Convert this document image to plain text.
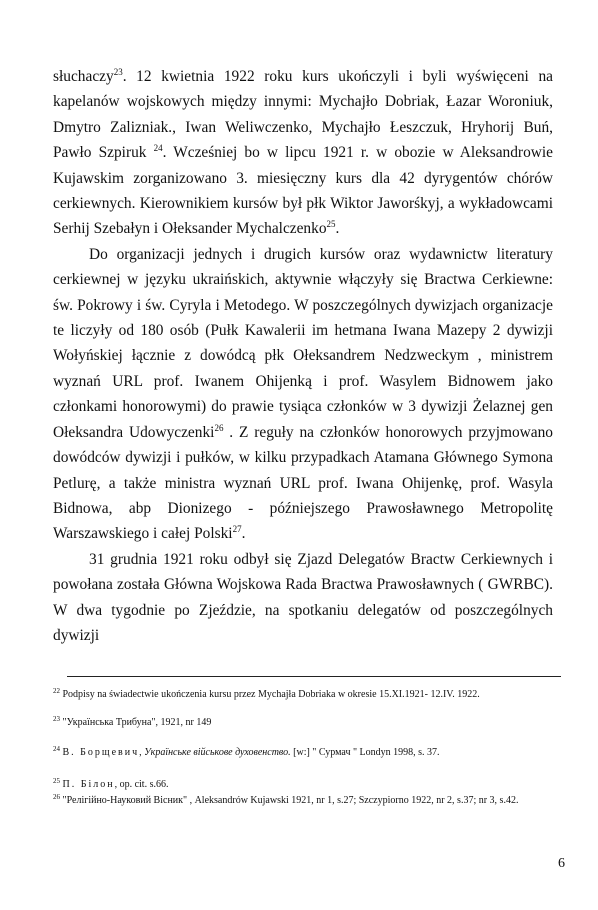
słuchaczy$^{23}$. 12 kwietnia 1922 roku kurs ukończyli i byli wyświęceni na kapelanów wojskowych między innymi: Mychajło Dobriak, Łazar Woroniuk, Dmytro Zalizniak., Iwan Weliwczenko, Mychajło Łeszczuk, Hryhorij Buń, Pawło Szpiruk $^{24}$. Wcześniej bo w lipcu 1921 r. w obozie w Aleksandrowie Kujawskim zorganizowano 3. miesięczny kurs dla 42 dyrygentów chórów cerkiewnych. Kierownikiem kursów był płk Wiktor Jaworśkyj, a wykładowcami Serhij Szebałyn i Ołeksander Mychalczenko$^{25}$.

Do organizacji jednych i drugich kursów oraz wydawnictw literatury cerkiewnej w języku ukraińskich, aktywnie włączyły się Bractwa Cerkiewne: św. Pokrowy i św. Cyryla i Metodego. W poszczególnych dywizjach organizacje te liczyły od 180 osób (Pułk Kawalerii im hetmana Iwana Mazepy 2 dywizji Wołyńskiej łącznie z dowódcą płk Ołeksandrem Nedzweckym , ministrem wyznań URL prof. Iwanem Ohijenką i prof. Wasylem Bidnowem jako członkami honorowymi) do prawie tysiąca członków w 3 dywizji Żelaznej gen Ołeksandra Udowyczenki$^{26}$ . Z reguły na członków honorowych przyjmowano dowódców dywizji i pułków, w kilku przypadkach Atamana Głównego Symona Petlurę, a także ministra wyznań URL prof. Iwana Ohijenkę, prof. Wasyla Bidnowa, abp Dionizego - późniejszego Prawosławnego Metropolitę Warszawskiego i całej Polski$^{27}$.

31 grudnia 1921 roku odbył się Zjazd Delegatów Bractw Cerkiewnych i powołana została Główna Wojskowa Rada Bractwa Prawosławnych ( GWRBC). W dwa tygodnie po Zjeździe, na spotkaniu delegatów od poszczególnych dywizji

$^{22}$ Podpisy na świadectwie ukończenia kursu przez Mychajła Dobriaka w okresie 15.XI.1921- 12.IV. 1922.
$^{23}$ "Українська Трибуна", 1921, nr 149
$^{24}$ В. Борщевич, Українське військове духовенство. [w:] " Сурмач " Londyn 1998, s. 37.
$^{25}$ П. Білон, op. cit. s.66.
$^{26}$ "Релігійно-Науковий Вісник" , Aleksandrów Kujawski 1921, nr 1, s.27; Szczypiorno 1922, nr 2, s.37; nr 3, s.42.
6
